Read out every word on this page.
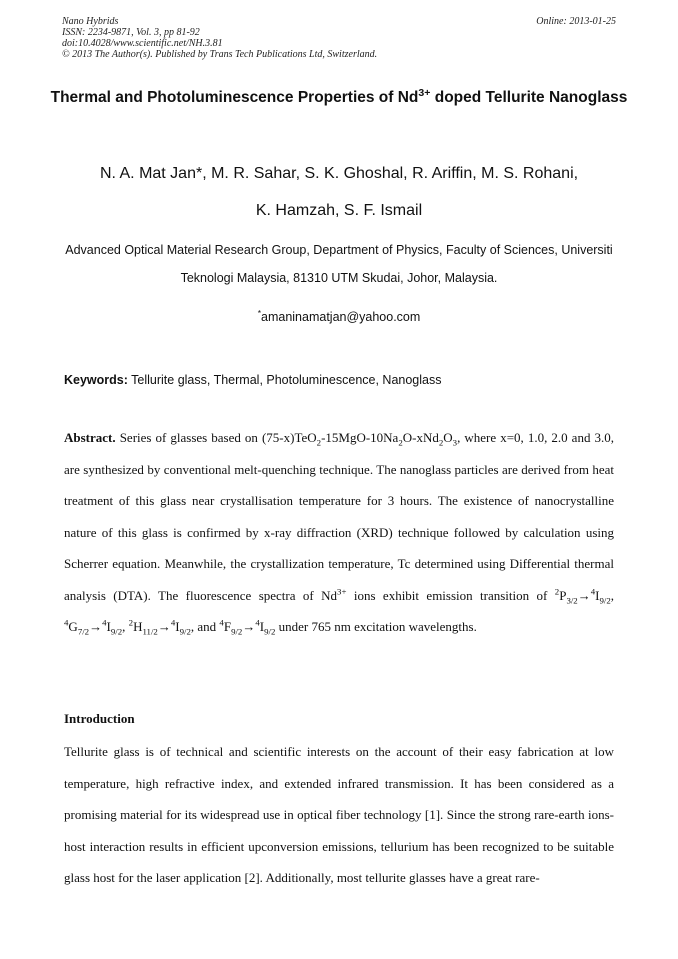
Nano Hybrids
ISSN: 2234-9871, Vol. 3, pp 81-92
doi:10.4028/www.scientific.net/NH.3.81
© 2013 The Author(s). Published by Trans Tech Publications Ltd, Switzerland.
Online: 2013-01-25
Thermal and Photoluminescence Properties of $Nd^{3+}$ doped Tellurite Nanoglass
N. A. Mat Jan*, M. R. Sahar, S. K. Ghoshal, R. Ariffin, M. S. Rohani,
K. Hamzah, S. F. Ismail
Advanced Optical Material Research Group, Department of Physics, Faculty of Sciences, Universiti Teknologi Malaysia, 81310 UTM Skudai, Johor, Malaysia.
*amaninamatjan@yahoo.com
Keywords: Tellurite glass, Thermal, Photoluminescence, Nanoglass
Abstract. Series of glasses based on $(75-x)TeO_2-15MgO-10Na_2O-xNd_2O_3$, where x=0, 1.0, 2.0 and 3.0, are synthesized by conventional melt-quenching technique. The nanoglass particles are derived from heat treatment of this glass near crystallisation temperature for 3 hours. The existence of nanocrystalline nature of this glass is confirmed by x-ray diffraction (XRD) technique followed by calculation using Scherrer equation. Meanwhile, the crystallization temperature, Tc determined using Differential thermal analysis (DTA). The fluorescence spectra of $Nd^{3+}$ ions exhibit emission transition of $^2P_{3/2}\to^4I_{9/2}$, $^4G_{7/2}\to^4I_{9/2}$, $^2H_{11/2}\to^4I_{9/2}$, and $^4F_{9/2}\to^4I_{9/2}$ under 765 nm excitation wavelengths.
Introduction
Tellurite glass is of technical and scientific interests on the account of their easy fabrication at low temperature, high refractive index, and extended infrared transmission. It has been considered as a promising material for its widespread use in optical fiber technology [1]. Since the strong rare-earth ions-host interaction results in efficient upconversion emissions, tellurium has been recognized to be suitable glass host for the laser application [2]. Additionally, most tellurite glasses have a great rare-
